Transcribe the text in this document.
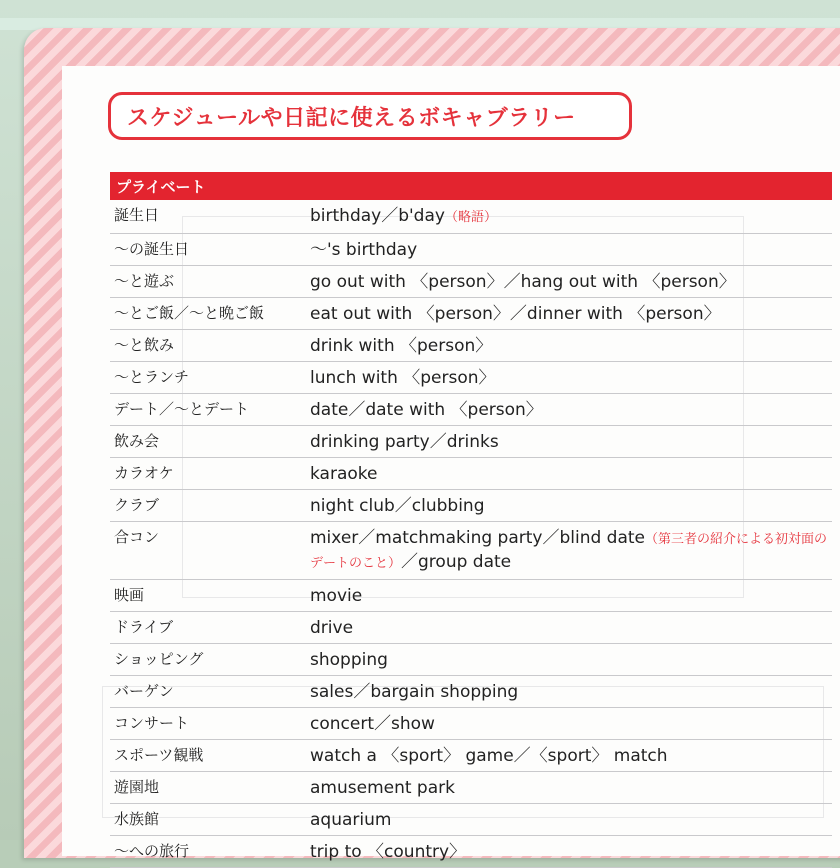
スケジュールや日記に使えるボキャブラリー
プライベート
誕生日	birthday／b'day（略語）
〜の誕生日	〜's birthday
〜と遊ぶ	go out with 〈person〉／hang out with 〈person〉
〜とご飯／〜と晩ご飯	eat out with 〈person〉／dinner with 〈person〉
〜と飲み	drink with 〈person〉
〜とランチ	lunch with 〈person〉
デート／〜とデート	date／date with 〈person〉
飲み会	drinking party／drinks
カラオケ	karaoke
クラブ	night club／clubbing
合コン	mixer／matchmaking party／blind date（第三者の紹介による初対面のデートのこと）／group date
映画	movie
ドライブ	drive
ショッピング	shopping
バーゲン	sales／bargain shopping
コンサート	concert／show
スポーツ観戦	watch a 〈sport〉 game／〈sport〉 match
遊園地	amusement park
水族館	aquarium
〜への旅行	trip to 〈country〉
